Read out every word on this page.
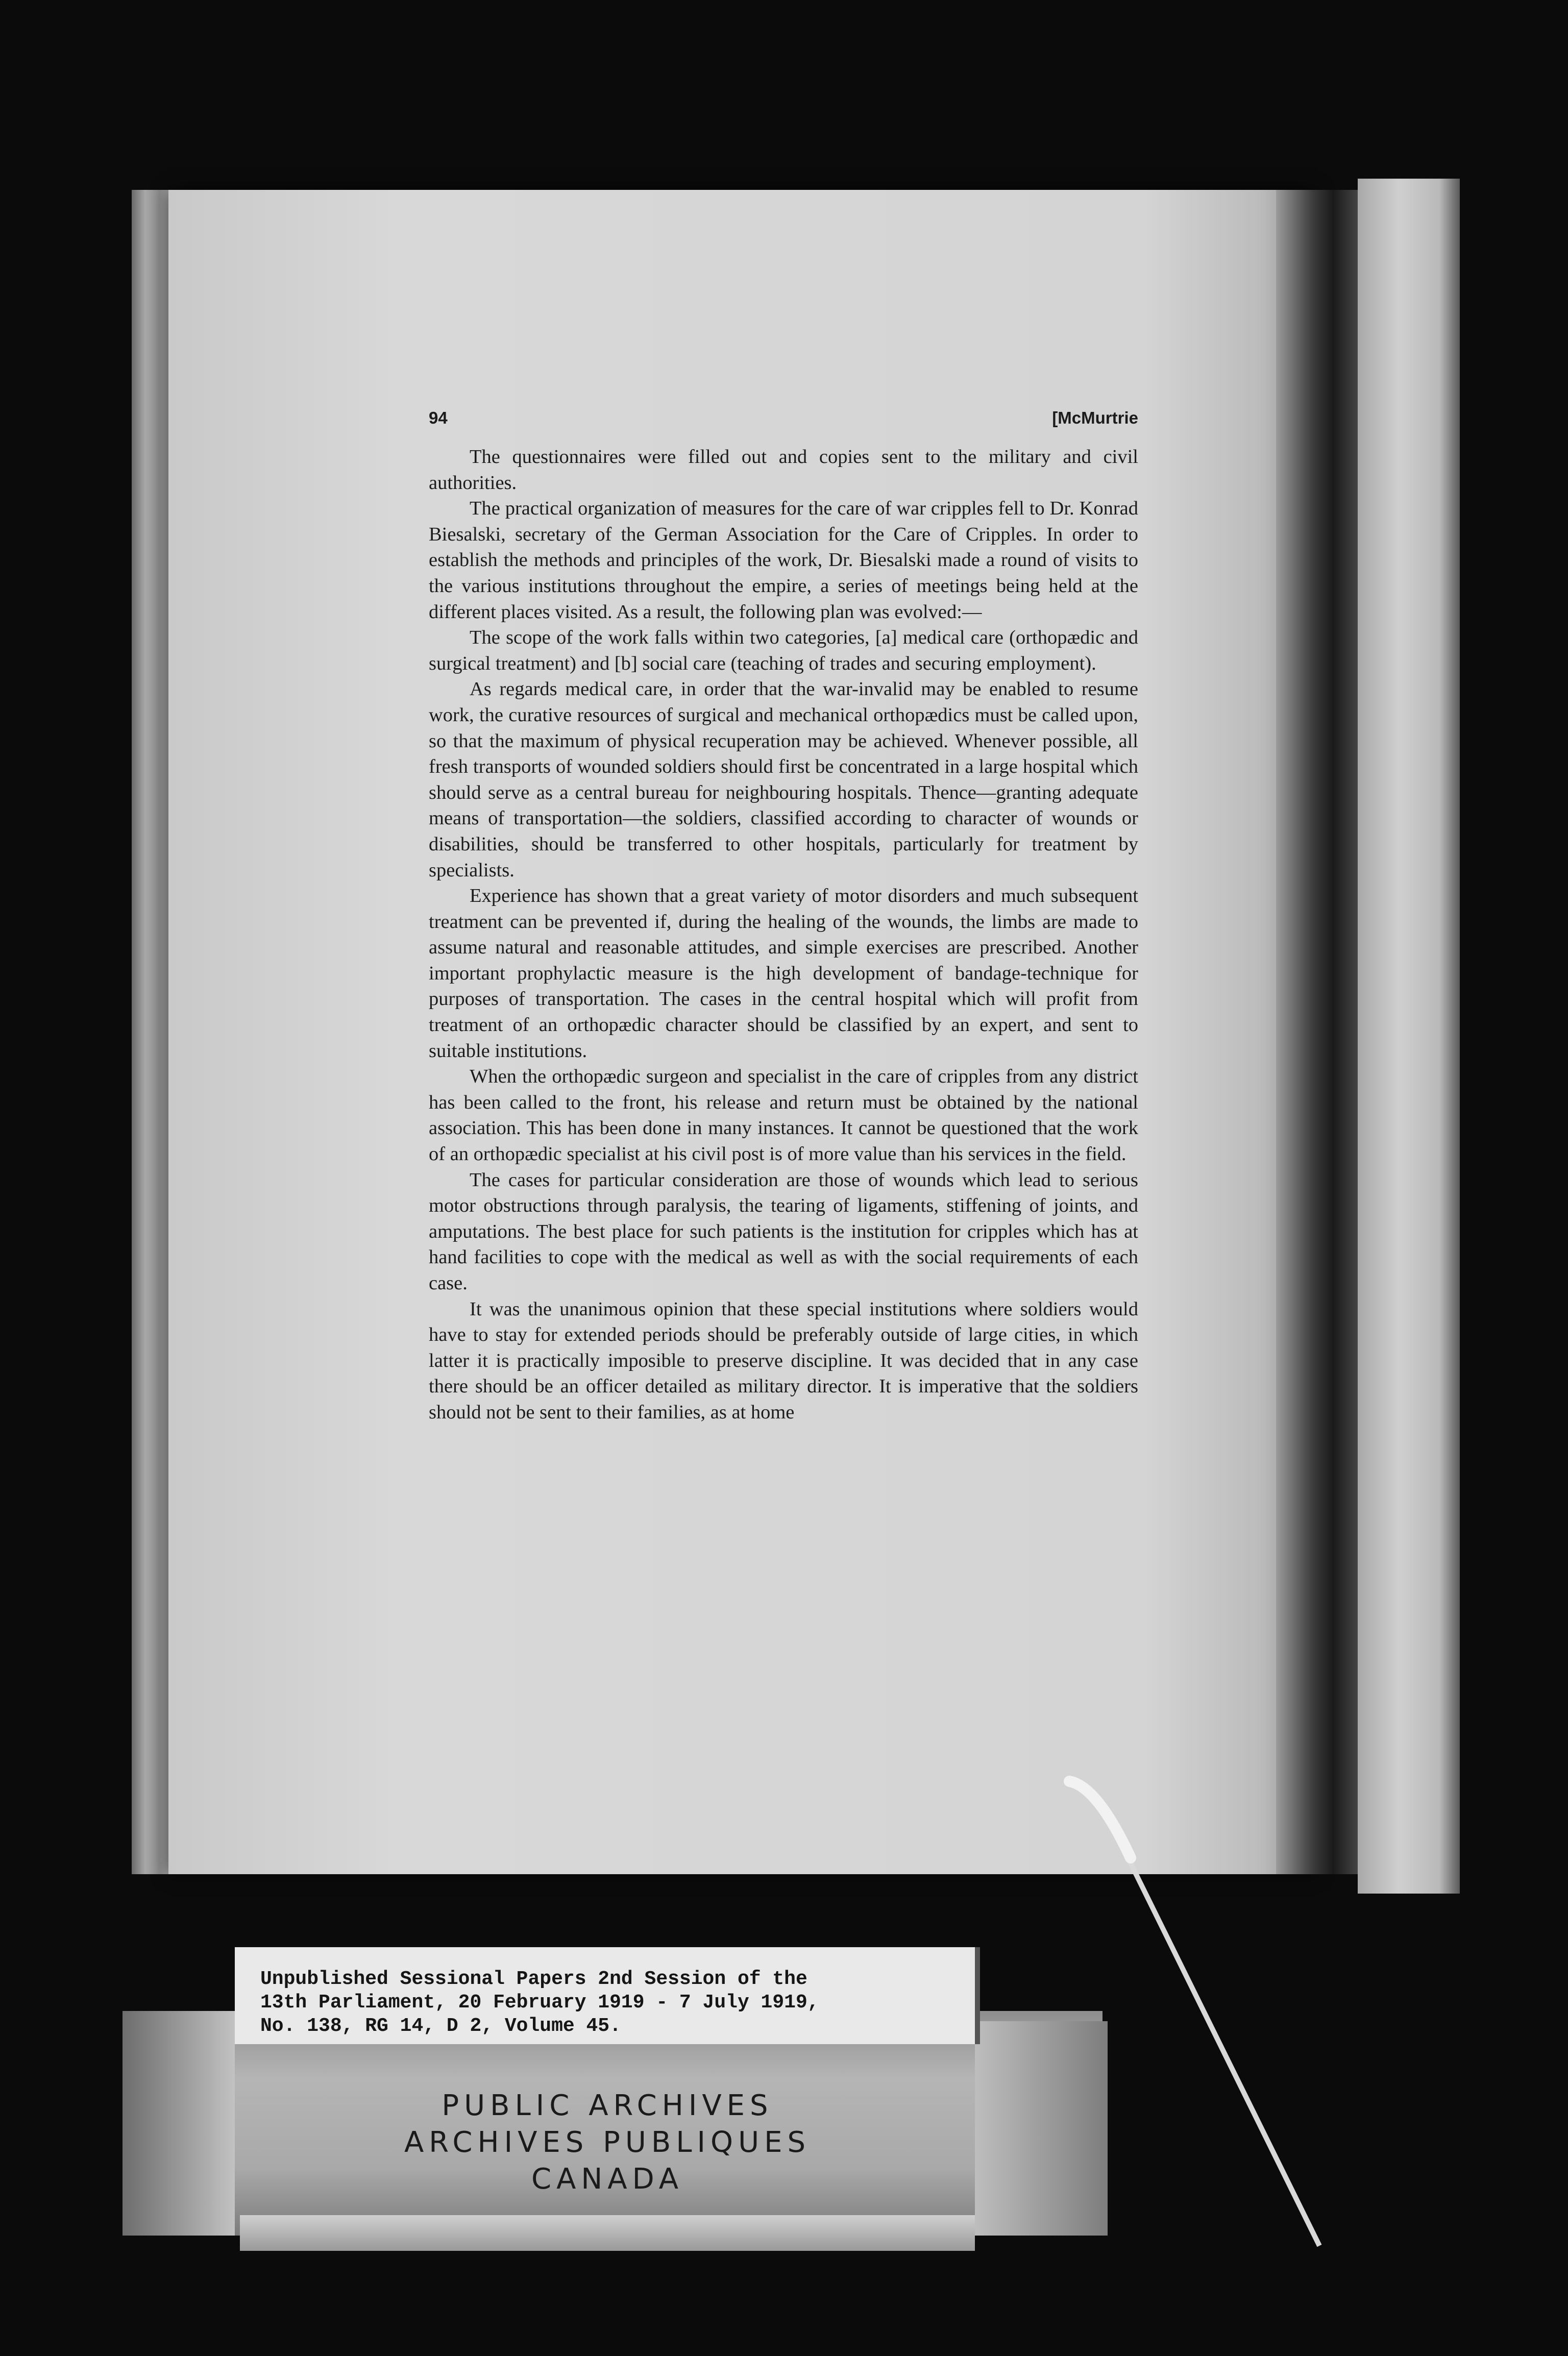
94	[McMurtrie

The questionnaires were filled out and copies sent to the military and civil authorities.

The practical organization of measures for the care of war cripples fell to Dr. Konrad Biesalski, secretary of the German Association for the Care of Cripples. In order to establish the methods and principles of the work, Dr. Biesalski made a round of visits to the various institutions throughout the empire, a series of meetings being held at the different places visited. As a result, the following plan was evolved:—

The scope of the work falls within two categories, [a] medical care (orthopædic and surgical treatment) and [b] social care (teaching of trades and securing employment).

As regards medical care, in order that the war-invalid may be enabled to resume work, the curative resources of surgical and mechanical orthopædics must be called upon, so that the maximum of physical recuperation may be achieved. Whenever possible, all fresh transports of wounded soldiers should first be concentrated in a large hospital which should serve as a central bureau for neighbouring hospitals. Thence—granting adequate means of transportation—the soldiers, classified according to character of wounds or disabilities, should be transferred to other hospitals, particularly for treatment by specialists.

Experience has shown that a great variety of motor disorders and much subsequent treatment can be prevented if, during the healing of the wounds, the limbs are made to assume natural and reasonable attitudes, and simple exercises are prescribed. Another important prophylactic measure is the high development of bandage-technique for purposes of transportation. The cases in the central hospital which will profit from treatment of an orthopædic character should be classified by an expert, and sent to suitable institutions.

When the orthopædic surgeon and specialist in the care of cripples from any district has been called to the front, his release and return must be obtained by the national association. This has been done in many instances. It cannot be questioned that the work of an orthopædic specialist at his civil post is of more value than his services in the field.

The cases for particular consideration are those of wounds which lead to serious motor obstructions through paralysis, the tearing of ligaments, stiffening of joints, and amputations. The best place for such patients is the institution for cripples which has at hand facilities to cope with the medical as well as with the social requirements of each case.

It was the unanimous opinion that these special institutions where soldiers would have to stay for extended periods should be preferably outside of large cities, in which latter it is practically imposible to preserve discipline. It was decided that in any case there should be an officer detailed as military director. It is imperative that the soldiers should not be sent to their families, as at home

Unpublished Sessional Papers 2nd Session of the
13th Parliament, 20 February 1919 - 7 July 1919,
No. 138, RG 14, D 2, Volume 45.
PUBLIC ARCHIVES
ARCHIVES PUBLIQUES
CANADA
